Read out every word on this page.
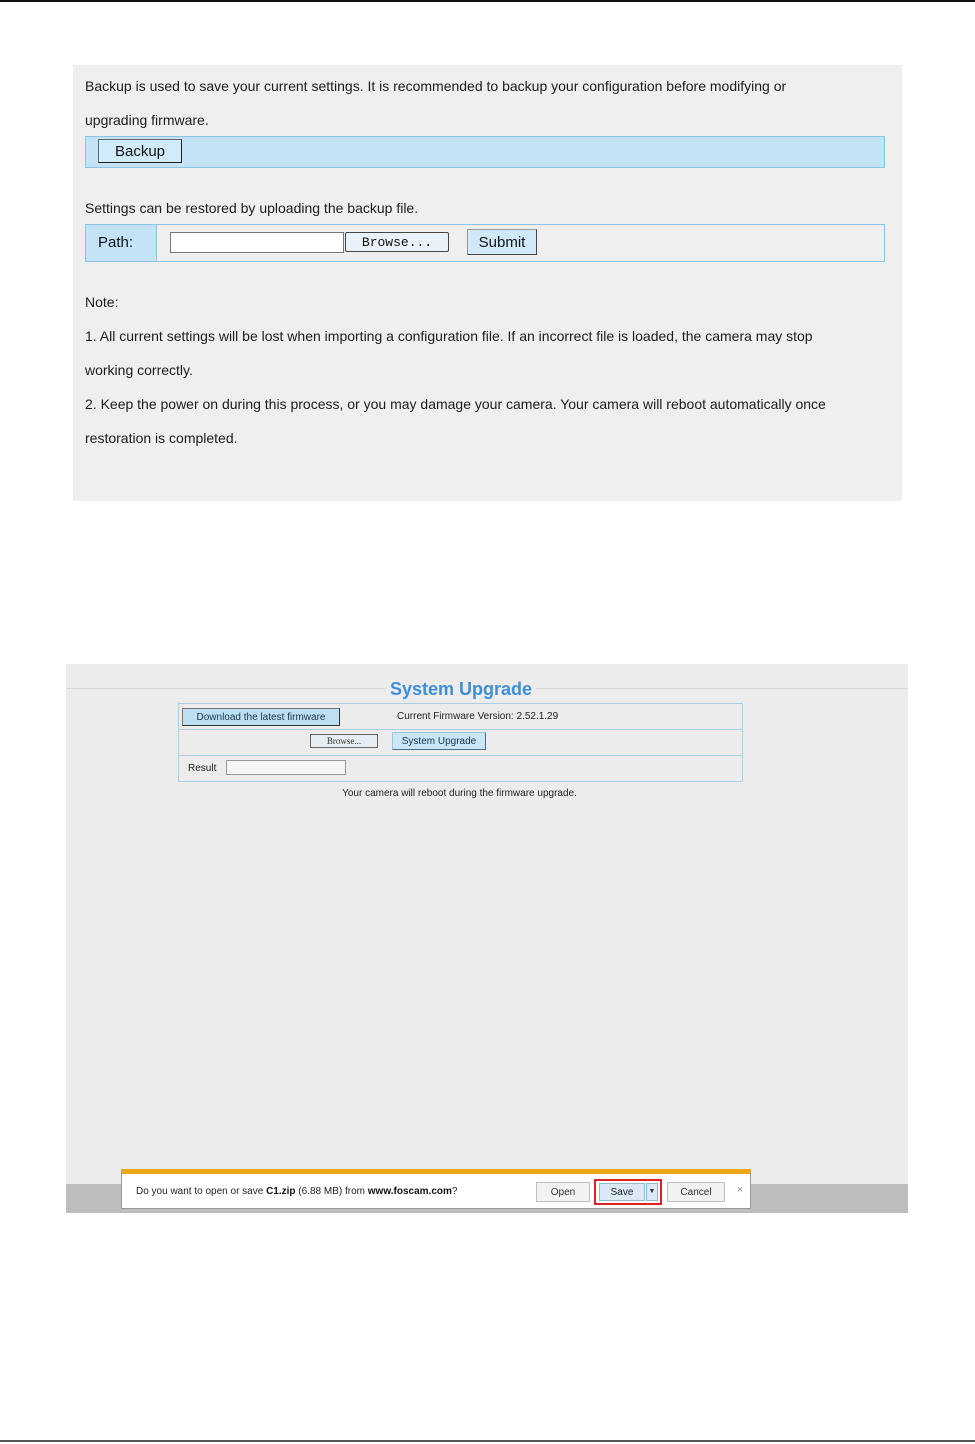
Backup is used to save your current settings. It is recommended to backup your configuration before modifying or
upgrading firmware.
Backup
Settings can be restored by uploading the backup file.
Path:	Browse...	Submit
Note:
1. All current settings will be lost when importing a configuration file. If an incorrect file is loaded, the camera may stop
working correctly.
2. Keep the power on during this process, or you may damage your camera. Your camera will reboot automatically once
restoration is completed.
System Upgrade
Download the latest firmware	Current Firmware Version: 2.52.1.29
Browse...	System Upgrade
Result
Your camera will reboot during the firmware upgrade.
Do you want to open or save C1.zip (6.88 MB) from www.foscam.com?	Open	Save	▼	Cancel	×
